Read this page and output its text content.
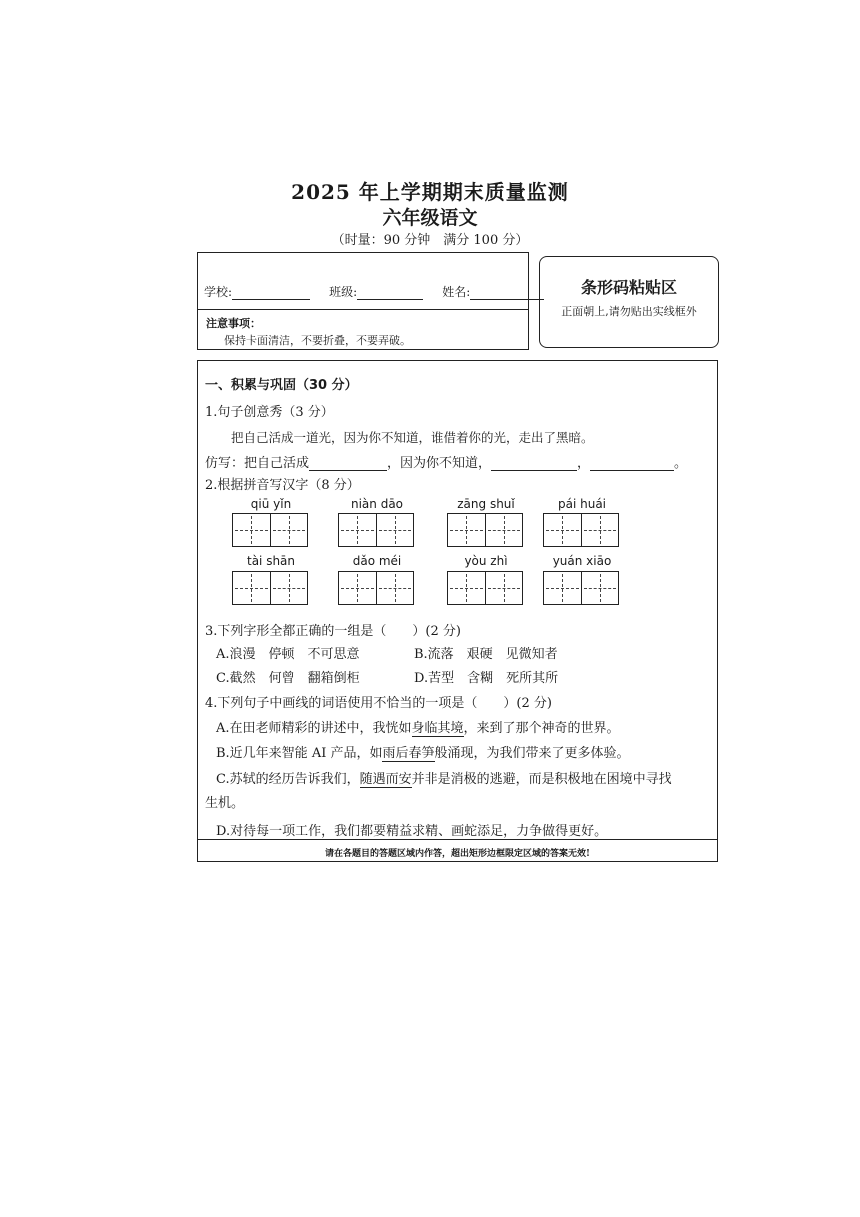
2025 年上学期期末质量监测
六年级语文
（时量：90 分钟　满分 100 分）
学校:	班级:	姓名:
注意事项：
保持卡面清洁，不要折叠，不要弄破。
条形码粘贴区
正面朝上,请勿贴出实线框外
一、积累与巩固（30 分）
1.句子创意秀（3 分）
把自己活成一道光，因为你不知道，谁借着你的光，走出了黑暗。
仿写：把自己活成	，因为你不知道，	，	。
2.根据拼音写汉字（8 分）
qiū yǐn	niàn dāo	zāng shuǐ	pái huái
tài shān	dǎo méi	yòu zhì	yuán xiāo
3.下列字形全都正确的一组是（　　）(2 分)
A.浪漫　停顿　不可思意	B.流落　艰硬　见微知者
C.截然　何曾　翻箱倒柜	D.苦型　含糊　死所其所
4.下列句子中画线的词语使用不恰当的一项是（　　）(2 分)
A.在田老师精彩的讲述中，我恍如身临其境，来到了那个神奇的世界。
B.近几年来智能 AI 产品，如雨后春笋般涌现，为我们带来了更多体验。
C.苏轼的经历告诉我们，随遇而安并非是消极的逃避，而是积极地在困境中寻找
生机。
D.对待每一项工作，我们都要精益求精、画蛇添足，力争做得更好。
请在各题目的答题区域内作答，超出矩形边框限定区域的答案无效!
